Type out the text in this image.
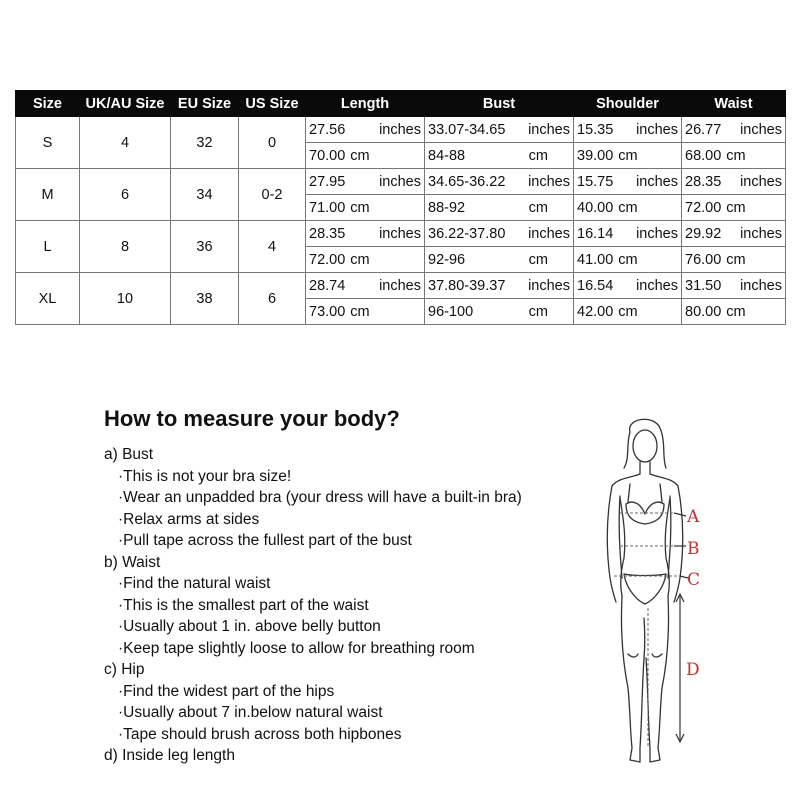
Size	UK/AU Size	EU Size	US Size	Length	Bust	Shoulder	Waist
S	4	32	0	27.56 inches	33.07-34.65 inches	15.35 inches	26.77 inches

				70.00 cm	84-88 cm	39.00 cm	68.00 cm
M	6	34	0-2	27.95 inches	34.65-36.22 inches	15.75 inches	28.35 inches

				71.00 cm	88-92 cm	40.00 cm	72.00 cm
L	8	36	4	28.35 inches	36.22-37.80 inches	16.14 inches	29.92 inches

				72.00 cm	92-96 cm	41.00 cm	76.00 cm
XL	10	38	6	28.74 inches	37.80-39.37 inches	16.54 inches	31.50 inches

				73.00 cm	96-100 cm	42.00 cm	80.00 cm
How to measure your body?
a) Bust
·This is not your bra size!
·Wear an unpadded bra (your dress will have a built-in bra)
·Relax arms at sides
·Pull tape across the fullest part of the bust
b) Waist
·Find the natural waist
·This is the smallest part of the waist
·Usually about 1 in. above belly button
·Keep tape slightly loose to allow for breathing room
c) Hip
·Find the widest part of the hips
·Usually about 7 in.below natural waist
·Tape should brush across both hipbones
d) Inside leg length
A
B
C
D
